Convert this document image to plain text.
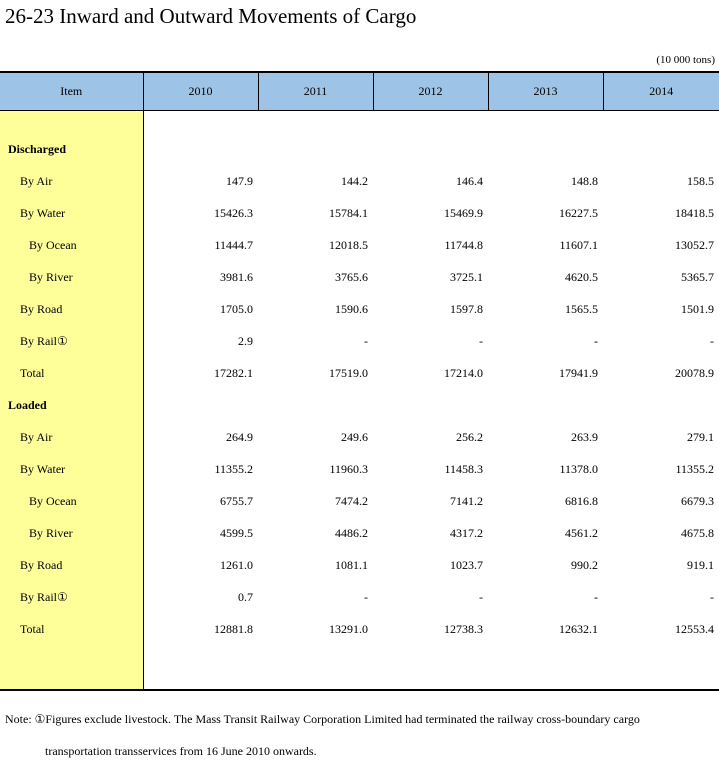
26-23 Inward and Outward Movements of Cargo
(10 000 tons)
Item	2010	2011	2012	2013	2014

Discharged					
By Air	147.9	144.2	146.4	148.8	158.5
By Water	15426.3	15784.1	15469.9	16227.5	18418.5
By Ocean	11444.7	12018.5	11744.8	11607.1	13052.7
By River	3981.6	3765.6	3725.1	4620.5	5365.7
By Road	1705.0	1590.6	1597.8	1565.5	1501.9
By Rail①	2.9	-	-	-	-
Total	17282.1	17519.0	17214.0	17941.9	20078.9
Loaded					
By Air	264.9	249.6	256.2	263.9	279.1
By Water	11355.2	11960.3	11458.3	11378.0	11355.2
By Ocean	6755.7	7474.2	7141.2	6816.8	6679.3
By River	4599.5	4486.2	4317.2	4561.2	4675.8
By Road	1261.0	1081.1	1023.7	990.2	919.1
By Rail①	0.7	-	-	-	-
Total	12881.8	13291.0	12738.3	12632.1	12553.4

Note: ①Figures exclude livestock. The Mass Transit Railway Corporation Limited had terminated the railway cross-boundary cargo
transportation transservices from 16 June 2010 onwards.
